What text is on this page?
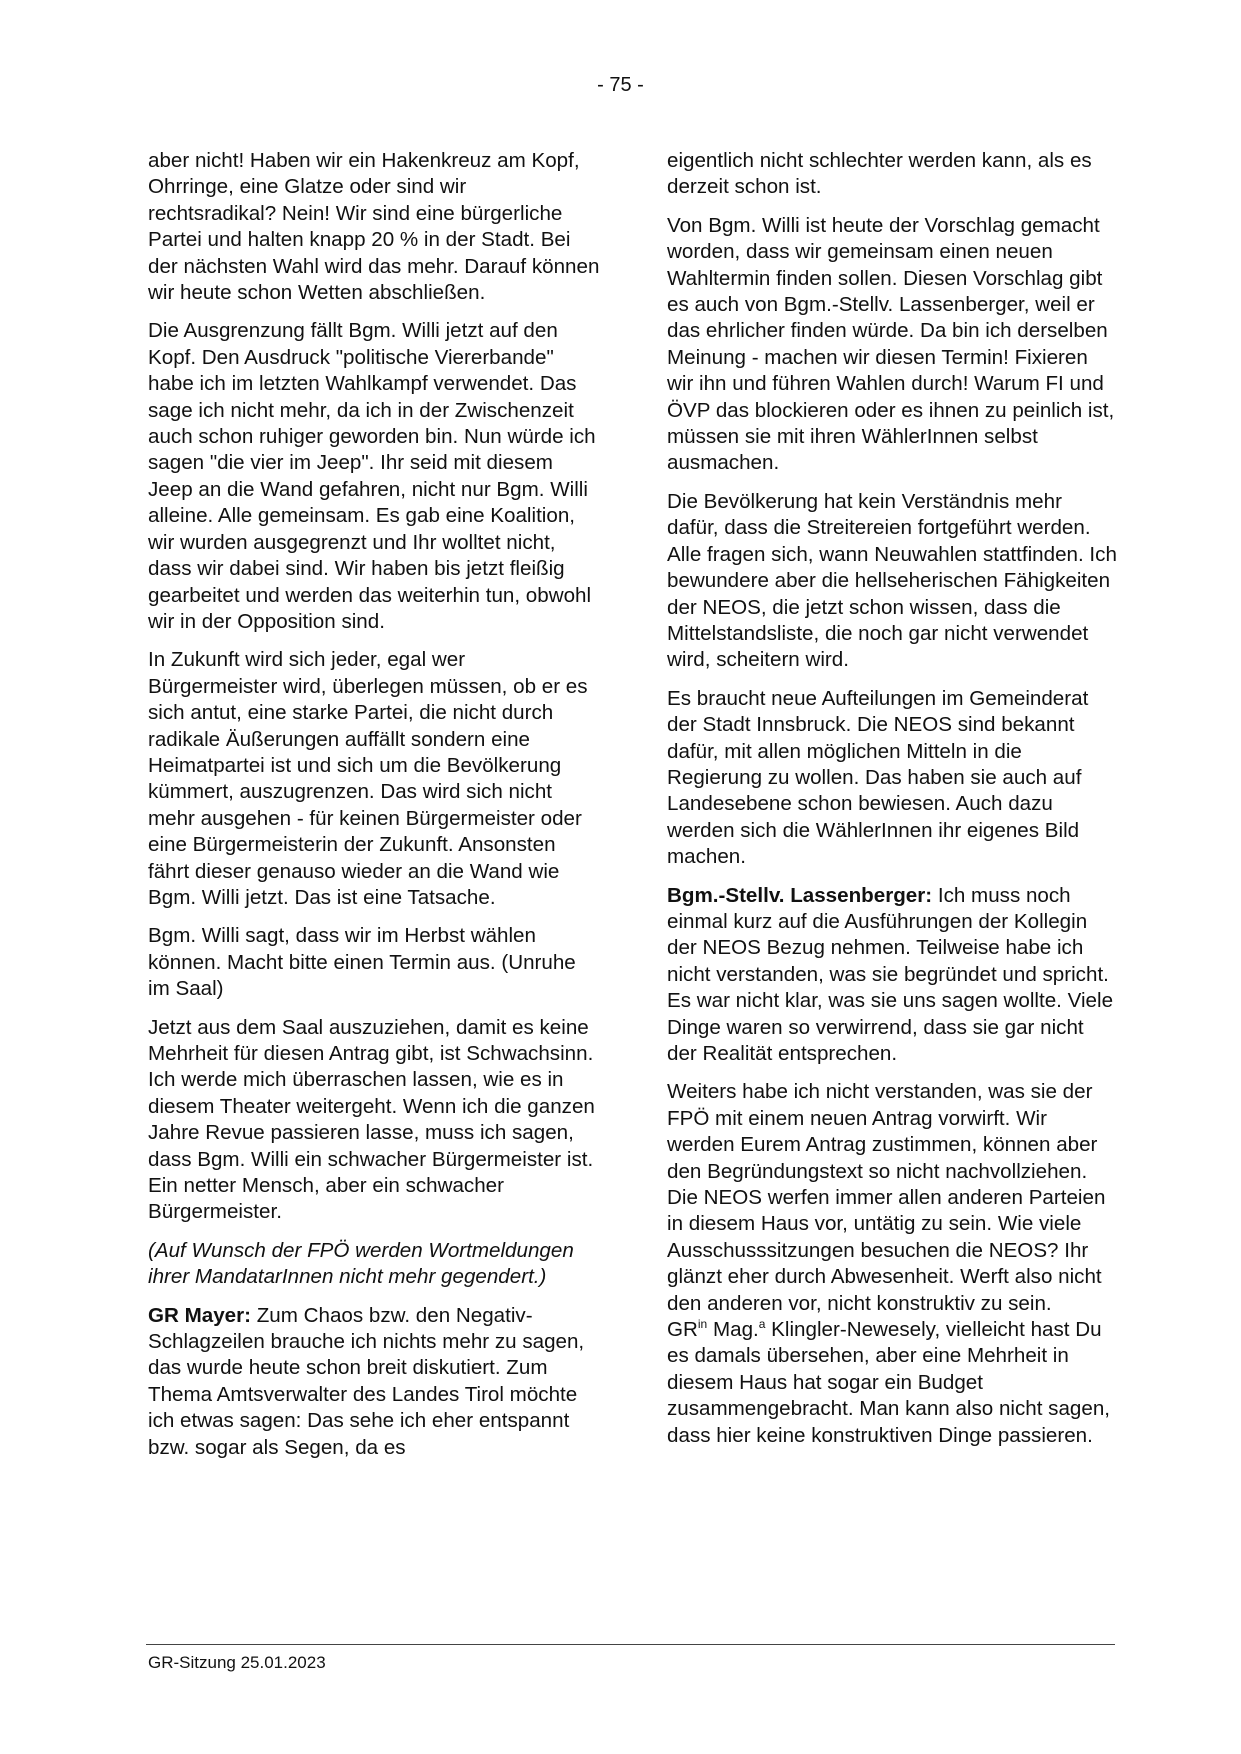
- 75 -

aber nicht! Haben wir ein Hakenkreuz am Kopf, Ohrringe, eine Glatze oder sind wir rechtsradikal? Nein! Wir sind eine bürgerliche Partei und halten knapp 20 % in der Stadt. Bei der nächsten Wahl wird das mehr. Darauf können wir heute schon Wetten abschließen.

Die Ausgrenzung fällt Bgm. Willi jetzt auf den Kopf. Den Ausdruck "politische Viererbande" habe ich im letzten Wahlkampf verwendet. Das sage ich nicht mehr, da ich in der Zwischenzeit auch schon ruhiger geworden bin. Nun würde ich sagen "die vier im Jeep". Ihr seid mit diesem Jeep an die Wand gefahren, nicht nur Bgm. Willi alleine. Alle gemeinsam. Es gab eine Koalition, wir wurden ausgegrenzt und Ihr wolltet nicht, dass wir dabei sind. Wir haben bis jetzt fleißig gearbeitet und werden das weiterhin tun, obwohl wir in der Opposition sind.

In Zukunft wird sich jeder, egal wer Bürgermeister wird, überlegen müssen, ob er es sich antut, eine starke Partei, die nicht durch radikale Äußerungen auffällt sondern eine Heimatpartei ist und sich um die Bevölkerung kümmert, auszugrenzen. Das wird sich nicht mehr ausgehen - für keinen Bürgermeister oder eine Bürgermeisterin der Zukunft. Ansonsten fährt dieser genauso wieder an die Wand wie Bgm. Willi jetzt. Das ist eine Tatsache.

Bgm. Willi sagt, dass wir im Herbst wählen können. Macht bitte einen Termin aus. (Unruhe im Saal)

Jetzt aus dem Saal auszuziehen, damit es keine Mehrheit für diesen Antrag gibt, ist Schwachsinn. Ich werde mich überraschen lassen, wie es in diesem Theater weitergeht. Wenn ich die ganzen Jahre Revue passieren lasse, muss ich sagen, dass Bgm. Willi ein schwacher Bürgermeister ist. Ein netter Mensch, aber ein schwacher Bürgermeister.

(Auf Wunsch der FPÖ werden Wortmeldungen ihrer MandatarInnen nicht mehr gegendert.)

GR Mayer: Zum Chaos bzw. den Negativ-Schlagzeilen brauche ich nichts mehr zu sagen, das wurde heute schon breit diskutiert. Zum Thema Amtsverwalter des Landes Tirol möchte ich etwas sagen: Das sehe ich eher entspannt bzw. sogar als Segen, da es

eigentlich nicht schlechter werden kann, als es derzeit schon ist.

Von Bgm. Willi ist heute der Vorschlag gemacht worden, dass wir gemeinsam einen neuen Wahltermin finden sollen. Diesen Vorschlag gibt es auch von Bgm.-Stellv. Lassenberger, weil er das ehrlicher finden würde. Da bin ich derselben Meinung - machen wir diesen Termin! Fixieren wir ihn und führen Wahlen durch! Warum FI und ÖVP das blockieren oder es ihnen zu peinlich ist, müssen sie mit ihren WählerInnen selbst ausmachen.

Die Bevölkerung hat kein Verständnis mehr dafür, dass die Streitereien fortgeführt werden. Alle fragen sich, wann Neuwahlen stattfinden. Ich bewundere aber die hellseherischen Fähigkeiten der NEOS, die jetzt schon wissen, dass die Mittelstandsliste, die noch gar nicht verwendet wird, scheitern wird.

Es braucht neue Aufteilungen im Gemeinderat der Stadt Innsbruck. Die NEOS sind bekannt dafür, mit allen möglichen Mitteln in die Regierung zu wollen. Das haben sie auch auf Landesebene schon bewiesen. Auch dazu werden sich die WählerInnen ihr eigenes Bild machen.

Bgm.-Stellv. Lassenberger: Ich muss noch einmal kurz auf die Ausführungen der Kollegin der NEOS Bezug nehmen. Teilweise habe ich nicht verstanden, was sie begründet und spricht. Es war nicht klar, was sie uns sagen wollte. Viele Dinge waren so verwirrend, dass sie gar nicht der Realität entsprechen.

Weiters habe ich nicht verstanden, was sie der FPÖ mit einem neuen Antrag vorwirft. Wir werden Eurem Antrag zustimmen, können aber den Begründungstext so nicht nachvollziehen. Die NEOS werfen immer allen anderen Parteien in diesem Haus vor, untätig zu sein. Wie viele Ausschusssitzungen besuchen die NEOS? Ihr glänzt eher durch Abwesenheit. Werft also nicht den anderen vor, nicht konstruktiv zu sein.
$GR^{in}$ Mag.$^a$ Klingler-Newesely, vielleicht hast Du es damals übersehen, aber eine Mehrheit in diesem Haus hat sogar ein Budget zusammengebracht. Man kann also nicht sagen, dass hier keine konstruktiven Dinge passieren.

GR-Sitzung 25.01.2023
